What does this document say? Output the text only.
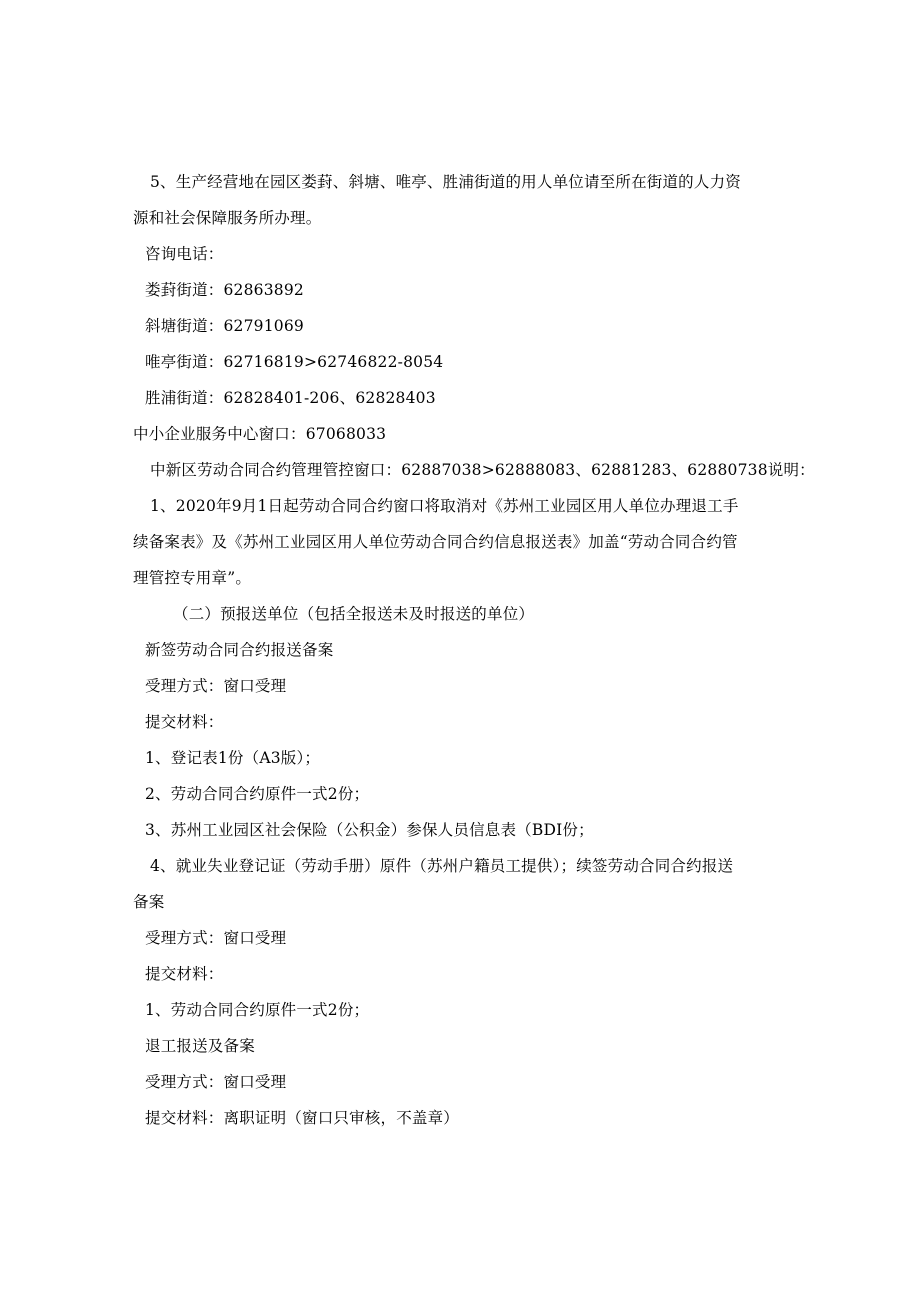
5、生产经营地在园区娄葑、斜塘、唯亭、胜浦街道的用人单位请至所在街道的人力资
源和社会保障服务所办理。
咨询电话：
娄葑街道：62863892
斜塘街道：62791069
唯亭街道：62716819>62746822-8054
胜浦街道：62828401-206、62828403
中小企业服务中心窗口：67068033
中新区劳动合同合约管理管控窗口：62887038>62888083、62881283、62880738说明：
1、2020年9月1日起劳动合同合约窗口将取消对《苏州工业园区用人单位办理退工手
续备案表》及《苏州工业园区用人单位劳动合同合约信息报送表》加盖“劳动合同合约管
理管控专用章”。
（二）预报送单位（包括全报送未及时报送的单位）
新签劳动合同合约报送备案
受理方式：窗口受理
提交材料：
1、登记表1份（A3版）；
2、劳动合同合约原件一式2份；
3、苏州工业园区社会保险（公积金）参保人员信息表（BDI份；
4、就业失业登记证（劳动手册）原件（苏州户籍员工提供）；续签劳动合同合约报送
备案
受理方式：窗口受理
提交材料：
1、劳动合同合约原件一式2份；
退工报送及备案
受理方式：窗口受理
提交材料：离职证明（窗口只审核，不盖章）
